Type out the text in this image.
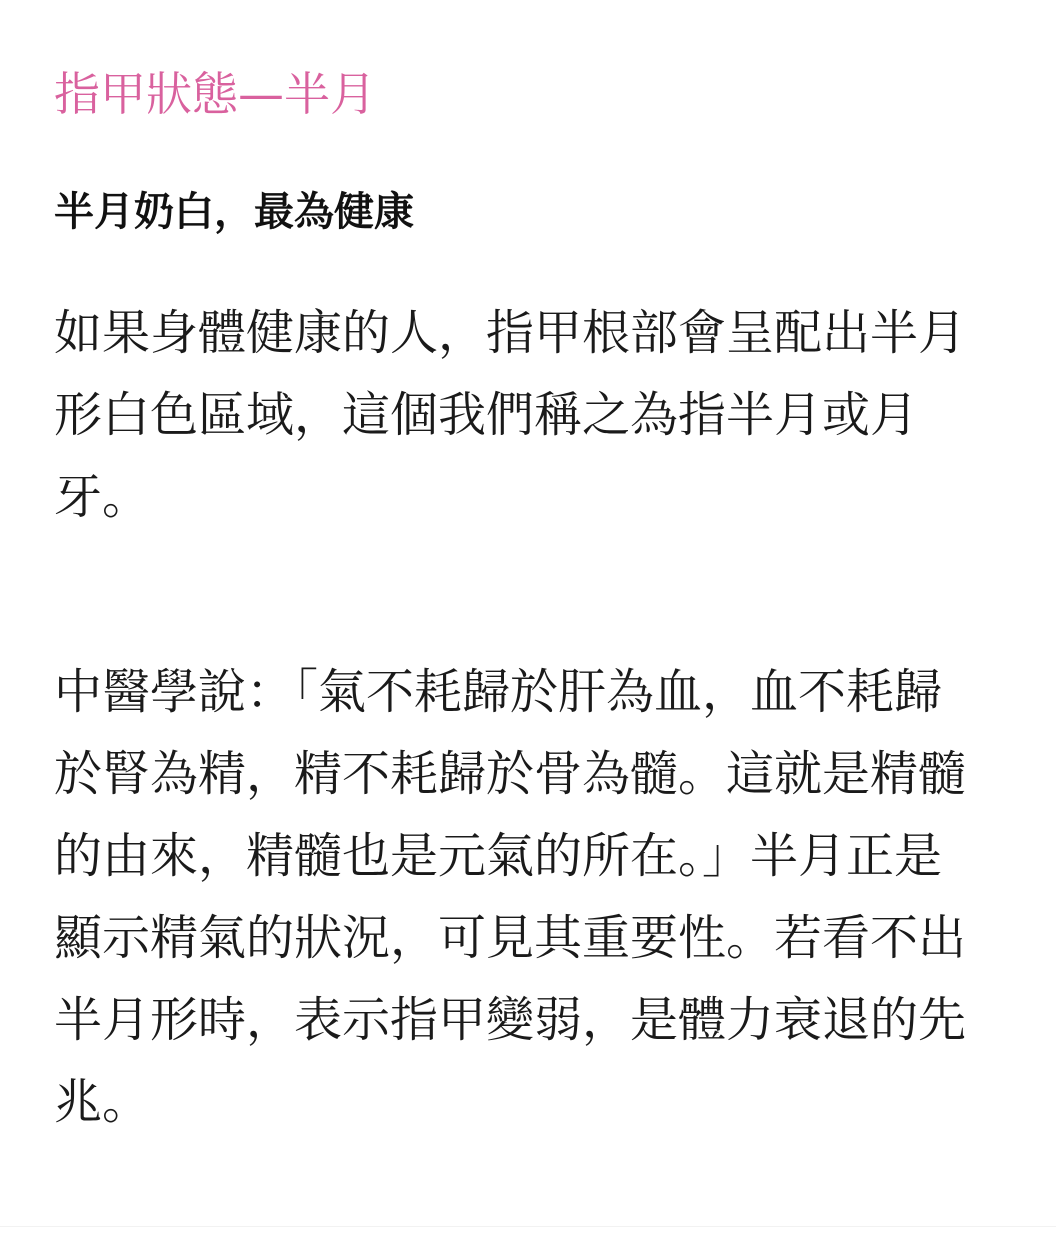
指甲狀態—半月
半月奶白，最為健康

如果身體健康的人，指甲根部會呈配出半月形白色區域，這個我們稱之為指半月或月牙。

中醫學說：「氣不耗歸於肝為血，血不耗歸於腎為精，精不耗歸於骨為髓。這就是精髓的由來，精髓也是元氣的所在。」半月正是顯示精氣的狀況，可見其重要性。若看不出半月形時，表示指甲變弱，是體力衰退的先兆。
